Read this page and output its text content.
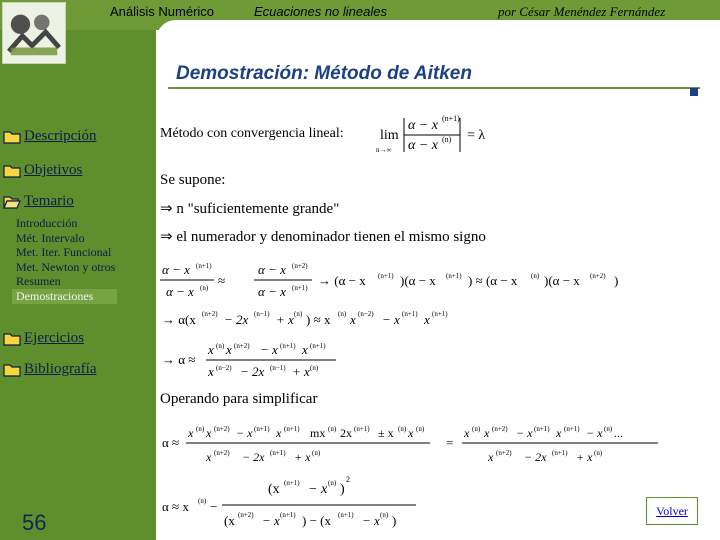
Análisis Numérico	Ecuaciones no lineales	por César Menéndez Fernández
Demostración: Método de Aitken
Descripción
Objetivos
Temario
Introducción
Mét. Intervalo
Met. Iter. Funcional
Met. Newton y otros
Resumen
Demostraciones
Ejercicios
Bibliografía
56
Método con convergencia lineal:
Se supone:
⇒ n "suficientemente grande"
⇒ el numerador y denominador tienen el mismo signo
Operando para simplificar
lim
n→∞
α − x (n+1)
α − x (n) = λ
α − x (n+1)
α − x (n) ≈
α − x (n+2)
α − x (n+1) → (α − x (n+1) )(α − x (n+1) ) ≈ (α − x (n) )(α − x (n+2) )
→ α(x (n+2) − 2x (n−1) + x (n) ) ≈ x (n) x (n−2) − x (n+1) x (n+1)
→ α ≈
x (n) x (n+2) − x (n+1) x (n+1)
x (n−2) − 2x (n−1) + x (n)
α ≈
x (n) x (n+2) − x (n+1) x (n+1) mx (n) 2x (n+1) ± x (n) x (n)
x (n+2) − 2x (n+1) + x (n)
=
x (n) x (n+2) − x (n+1) x (n+1) − x (n) ...
x (n+2) − 2x (n+1) + x (n)
α ≈ x (n) −
(x (n+1) − x (n) )
2
(x (n+2) − x (n+1) ) − (x (n+1) − x (n) )
Volver
